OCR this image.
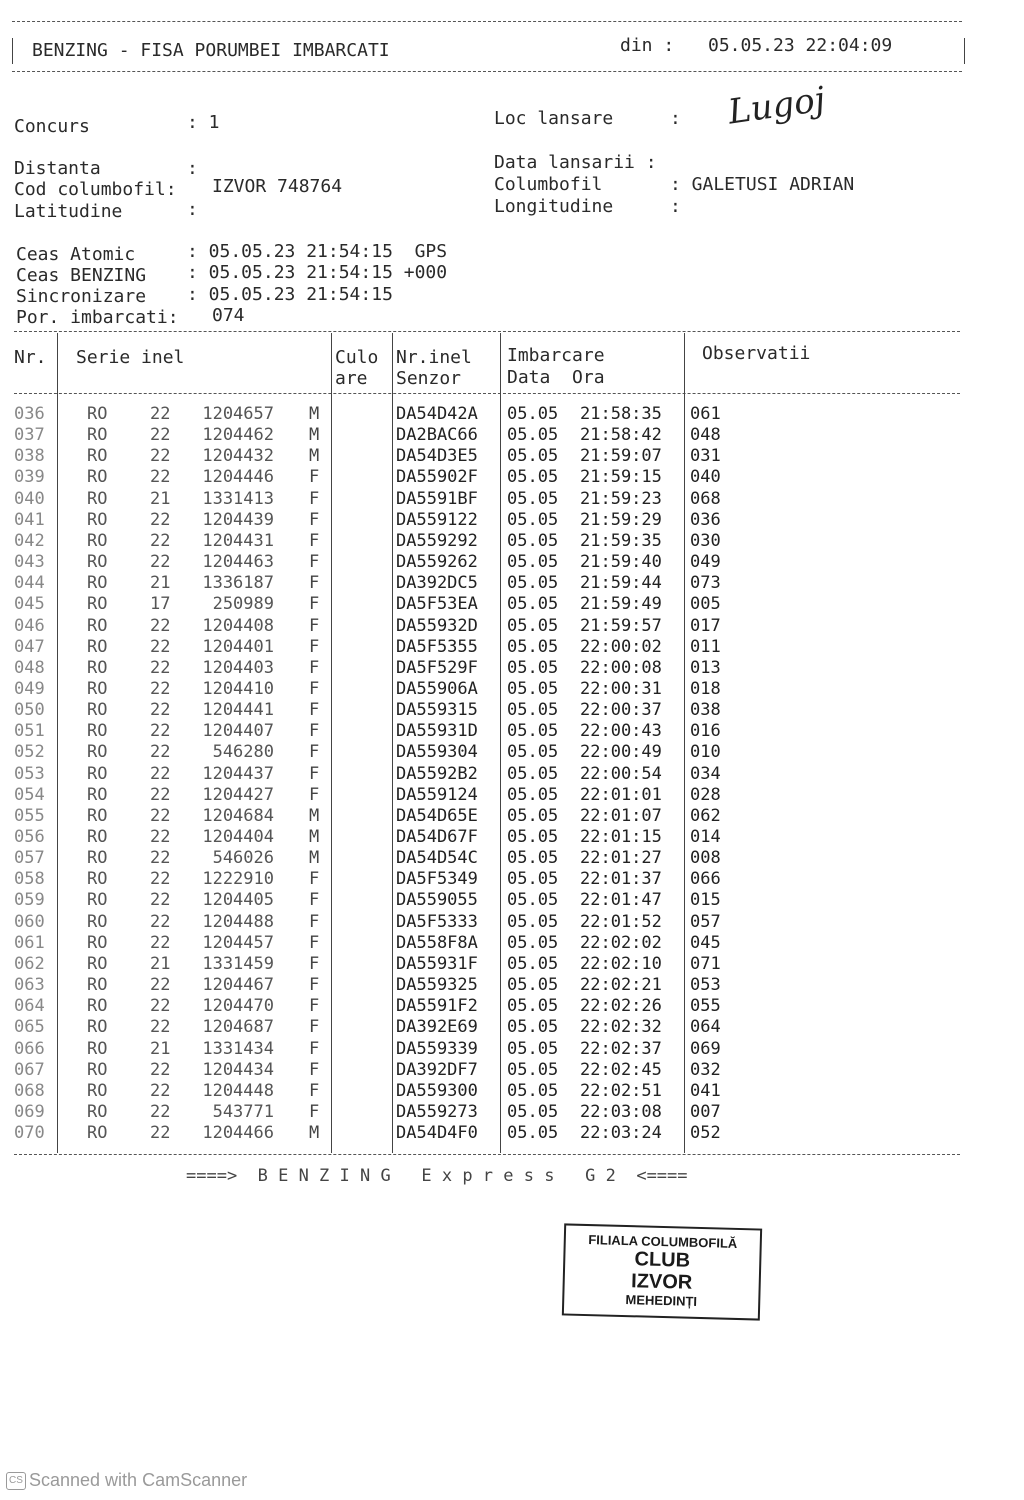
BENZING - FISA PORUMBEI IMBARCATI	din : 05.05.23 22:04:09
Concurs	: 1	Loc lansare	: Lugoj
Distanta	:
Cod columbofil: IZVOR 748764
Latitudine	:
Data lansarii :
Columbofil	: GALETUSI ADRIAN
Longitudine	:
Ceas Atomic	: 05.05.23 21:54:15  GPS
Ceas BENZING : 05.05.23 21:54:15 +000
Sincronizare : 05.05.23 21:54:15
Por. imbarcati: 074
Nr. Serie inel	Culo
are
Nr.inel
Senzor
Imbarcare
Data  Ora
Observatii
036 RO	22	1204657 M	DA54D42A 05.05 21:58:35 061
037 RO	22	1204462 M	DA2BAC66 05.05 21:58:42 048
038 RO	22	1204432 M	DA54D3E5 05.05 21:59:07 031
039 RO	22	1204446 F	DA55902F 05.05 21:59:15 040
040 RO	21	1331413 F	DA5591BF 05.05 21:59:23 068
041 RO	22	1204439 F	DA559122 05.05 21:59:29 036
042 RO	22	1204431 F	DA559292 05.05 21:59:35 030
043 RO	22	1204463 F	DA559262 05.05 21:59:40 049
044 RO	21	1336187 F	DA392DC5 05.05 21:59:44 073
045 RO	17	250989 F	DA5F53EA 05.05 21:59:49 005
046 RO	22	1204408 F	DA55932D 05.05 21:59:57 017
047 RO	22	1204401 F	DA5F5355 05.05 22:00:02 011
048 RO	22	1204403 F	DA5F529F 05.05 22:00:08 013
049 RO	22	1204410 F	DA55906A 05.05 22:00:31 018
050 RO	22	1204441 F	DA559315 05.05 22:00:37 038
051 RO	22	1204407 F	DA55931D 05.05 22:00:43 016
052 RO	22	546280 F	DA559304 05.05 22:00:49 010
053 RO	22	1204437 F	DA5592B2 05.05 22:00:54 034
054 RO	22	1204427 F	DA559124 05.05 22:01:01 028
055 RO	22	1204684 M	DA54D65E 05.05 22:01:07 062
056 RO	22	1204404 M	DA54D67F 05.05 22:01:15 014
057 RO	22	546026 M	DA54D54C 05.05 22:01:27 008
058 RO	22	1222910 F	DA5F5349 05.05 22:01:37 066
059 RO	22	1204405 F	DA559055 05.05 22:01:47 015
060 RO	22	1204488 F	DA5F5333 05.05 22:01:52 057
061 RO	22	1204457 F	DA558F8A 05.05 22:02:02 045
062 RO	21	1331459 F	DA55931F 05.05 22:02:10 071
063 RO	22	1204467 F	DA559325 05.05 22:02:21 053
064 RO	22	1204470 F	DA5591F2 05.05 22:02:26 055
065 RO	22	1204687 F	DA392E69 05.05 22:02:32 064
066 RO	21	1331434 F	DA559339 05.05 22:02:37 069
067 RO	22	1204434 F	DA392DF7 05.05 22:02:45 032
068 RO	22	1204448 F	DA559300 05.05 22:02:51 041
069 RO	22	543771 F	DA559273 05.05 22:03:08 007
070 RO	22	1204466 M	DA54D4F0 05.05 22:03:24 052
====>  B E N Z I N G   E x p r e s s   G 2  <====
FILIALA COLUMBOFILĂ
CLUB
IZVOR
MEHEDINȚI
CS Scanned with CamScanner
